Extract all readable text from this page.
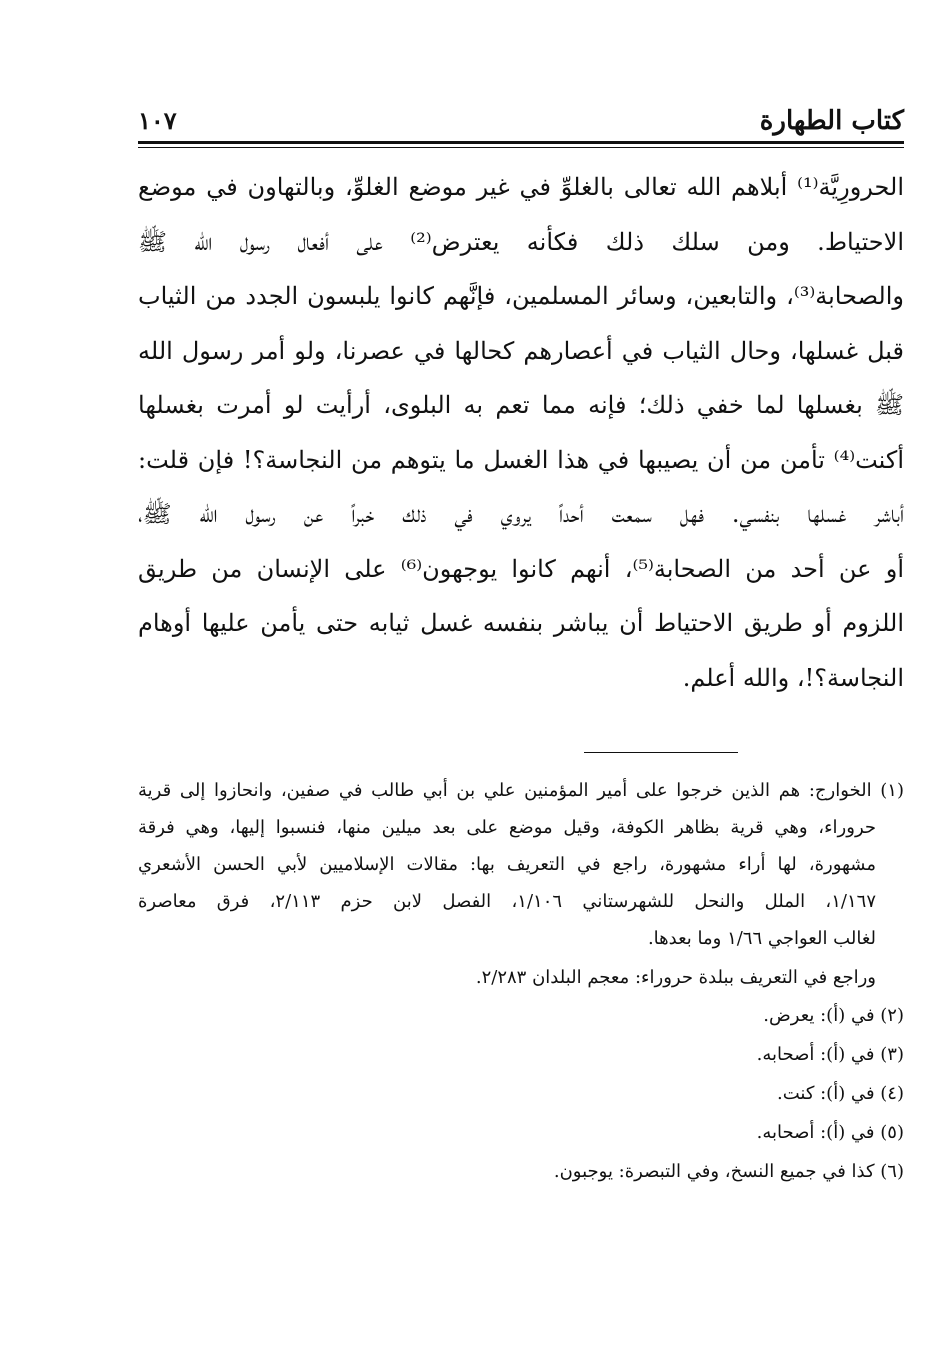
كتاب الطهارة
١٠٧
الحرورِيَّة⁽¹⁾ أبلاهم الله تعالى بالغلوِّ في غير موضع الغلوِّ، وبالتهاون في موضع
الاحتياط. ومن سلك ذلك فكأنه يعترض⁽²⁾ على أفعال رسول الله ﷺ
والصحابة⁽³⁾، والتابعين، وسائر المسلمين، فإنَّهم كانوا يلبسون الجدد من الثياب
قبل غسلها، وحال الثياب في أعصارهم كحالها في عصرنا، ولو أمر رسول الله
ﷺ بغسلها لما خفي ذلك؛ فإنه مما تعم به البلوى، أرأيت لو أمرت بغسلها
أكنت⁽⁴⁾ تأمن من أن يصيبها في هذا الغسل ما يتوهم من النجاسة؟! فإن قلت:
أباشر غسلها بنفسي. فهل سمعت أحداً يروي في ذلك خبراً عن رسول الله ﷺ،
أو عن أحد من الصحابة⁽⁵⁾، أنهم كانوا يوجهون⁽⁶⁾ على الإنسان من طريق
اللزوم أو طريق الاحتياط أن يباشر بنفسه غسل ثيابه حتى يأمن عليها أوهام
النجاسة؟!، والله أعلم.
(١) الخوارج: هم الذين خرجوا على أمير المؤمنين علي بن أبي طالب في صفين، وانحازوا إلى قرية
حروراء، وهي قرية بظاهر الكوفة، وقيل موضع على بعد ميلين منها، فنسبوا إليها، وهي فرقة
مشهورة، لها أراء مشهورة، راجع في التعريف بها: مقالات الإسلاميين لأبي الحسن الأشعري
١/١٦٧، الملل والنحل للشهرستاني ١/١٠٦، الفصل لابن حزم ٢/١١٣، فرق معاصرة
لغالب العواجي ١/٦٦ وما بعدها.
وراجع في التعريف ببلدة حروراء: معجم البلدان ٢/٢٨٣.
(٢) في (أ): يعرض.
(٣) في (أ): أصحابه.
(٤) في (أ): كنت.
(٥) في (أ): أصحابه.
(٦) كذا في جميع النسخ، وفي التبصرة: يوجبون.
